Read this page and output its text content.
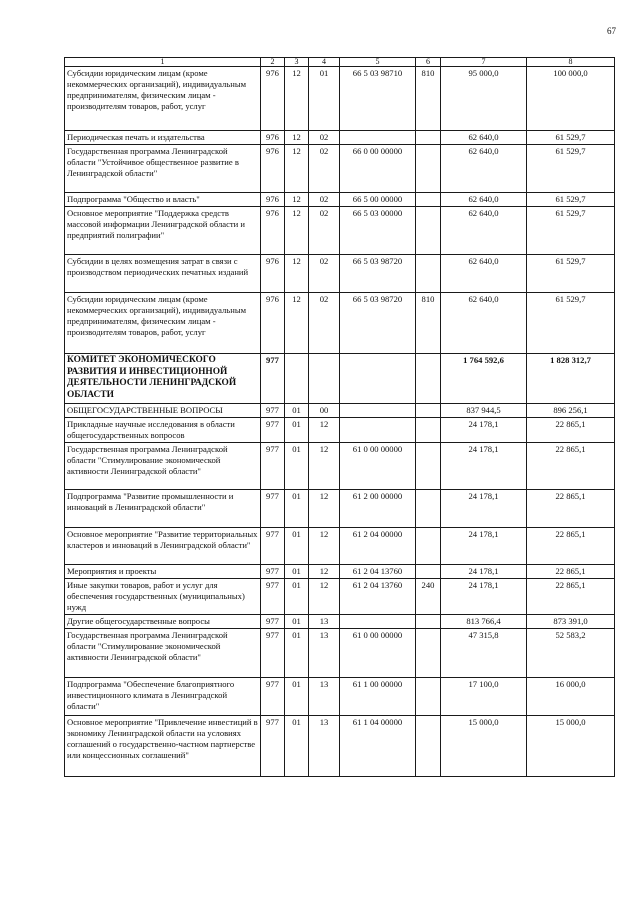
67
1	2	3	4	5	6	7	8
Субсидии юридическим лицам (кроме некоммерческих организаций), индивидуальным предпринимателям, физическим лицам - производителям товаров, работ, услуг	976	12	01	66 5 03 98710	810	95 000,0	100 000,0
Периодическая печать и издательства	976	12	02			62 640,0	61 529,7
Государственная программа Ленинградской области "Устойчивое общественное развитие в Ленинградской области"	976	12	02	66 0 00 00000		62 640,0	61 529,7
Подпрограмма "Общество и власть"	976	12	02	66 5 00 00000		62 640,0	61 529,7
Основное мероприятие "Поддержка средств массовой информации Ленинградской области и предприятий полиграфии"	976	12	02	66 5 03 00000		62 640,0	61 529,7
Субсидии в целях возмещения затрат в связи с производством периодических печатных изданий	976	12	02	66 5 03 98720		62 640,0	61 529,7
Субсидии юридическим лицам (кроме некоммерческих организаций), индивидуальным предпринимателям, физическим лицам - производителям товаров, работ, услуг	976	12	02	66 5 03 98720	810	62 640,0	61 529,7
КОМИТЕТ ЭКОНОМИЧЕСКОГО РАЗВИТИЯ И ИНВЕСТИЦИОННОЙ ДЕЯТЕЛЬНОСТИ ЛЕНИНГРАДСКОЙ ОБЛАСТИ	977					1 764 592,6	1 828 312,7
ОБЩЕГОСУДАРСТВЕННЫЕ ВОПРОСЫ	977	01	00			837 944,5	896 256,1
Прикладные научные исследования в области общегосударственных вопросов	977	01	12			24 178,1	22 865,1
Государственная программа Ленинградской области "Стимулирование экономической активности Ленинградской области"	977	01	12	61 0 00 00000		24 178,1	22 865,1
Подпрограмма "Развитие промышленности и инноваций в Ленинградской области"	977	01	12	61 2 00 00000		24 178,1	22 865,1
Основное мероприятие "Развитие территориальных кластеров и инноваций в Ленинградской области"	977	01	12	61 2 04 00000		24 178,1	22 865,1
Мероприятия и проекты	977	01	12	61 2 04 13760		24 178,1	22 865,1
Иные закупки товаров, работ и услуг для обеспечения государственных (муниципальных) нужд	977	01	12	61 2 04 13760	240	24 178,1	22 865,1
Другие общегосударственные вопросы	977	01	13			813 766,4	873 391,0
Государственная программа Ленинградской области "Стимулирование экономической активности Ленинградской области"	977	01	13	61 0 00 00000		47 315,8	52 583,2
Подпрограмма "Обеспечение благоприятного инвестиционного климата в Ленинградской области"	977	01	13	61 1 00 00000		17 100,0	16 000,0
Основное мероприятие "Привлечение инвестиций в экономику Ленинградской области на условиях соглашений о государственно-частном партнерстве или концессионных соглашений"	977	01	13	61 1 04 00000		15 000,0	15 000,0
